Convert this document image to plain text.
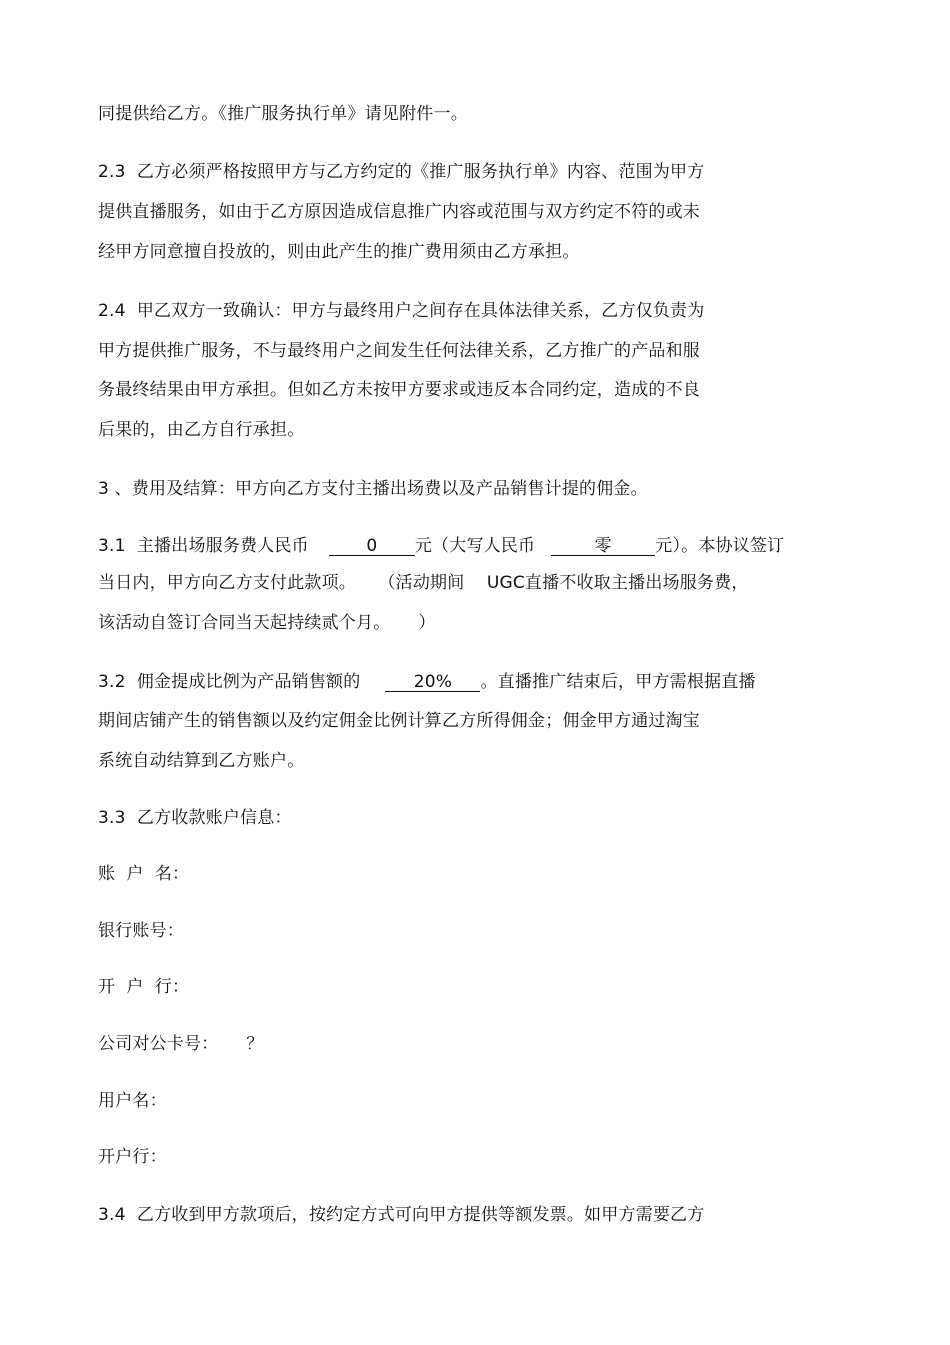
同提供给乙方。《推广服务执行单》请见附件一。
2.3  乙方必须严格按照甲方与乙方约定的《推广服务执行单》内容、范围为甲方
提供直播服务，如由于乙方原因造成信息推广内容或范围与双方约定不符的或未
经甲方同意擅自投放的，则由此产生的推广费用须由乙方承担。
2.4  甲乙双方一致确认：甲方与最终用户之间存在具体法律关系，乙方仅负责为
甲方提供推广服务，不与最终用户之间发生任何法律关系，乙方推广的产品和服
务最终结果由甲方承担。但如乙方未按甲方要求或违反本合同约定，造成的不良
后果的，由乙方自行承担。
3 、费用及结算：甲方向乙方支付主播出场费以及产品销售计提的佣金。
3.1  主播出场服务费人民币	0 元（大写人民币	零	元）。本协议签订
当日内，甲方向乙方支付此款项。    （活动期间    UGC直播不收取主播出场服务费，
该活动自签订合同当天起持续贰个月。     ）
3.2  佣金提成比例为产品销售额的	20% 。直播推广结束后，甲方需根据直播
期间店铺产生的销售额以及约定佣金比例计算乙方所得佣金；佣金甲方通过淘宝
系统自动结算到乙方账户。
3.3  乙方收款账户信息：
账  户  名：
银行账号：
开  户  行：
公司对公卡号：     ？
用户名：
开户行：
3.4  乙方收到甲方款项后，按约定方式可向甲方提供等额发票。如甲方需要乙方
